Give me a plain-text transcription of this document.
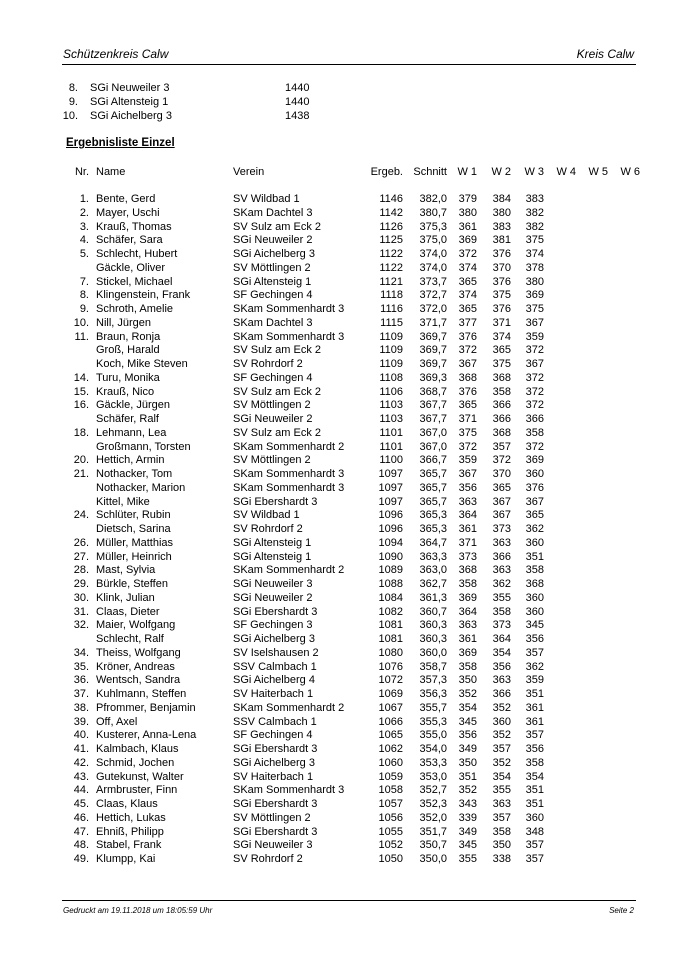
Schützenkreis Calw	Kreis Calw
8. SGi Neuweiler 3	1440
9. SGi Altensteig 1	1440
10. SGi Aichelberg 3	1438
Ergebnisliste Einzel
Nr. Name	Verein	Ergeb. Schnitt W 1 W 2 W 3 W 4 W 5 W 6
1. Bente, Gerd	SV Wildbad 1	1146 382,0 379 384 383
2. Mayer, Uschi	SKam Dachtel 3	1142 380,7 380 380 382
3. Krauß, Thomas	SV Sulz am Eck 2	1126 375,3 361 383 382
4. Schäfer, Sara	SGi Neuweiler 2	1125 375,0 369 381 375
5. Schlecht, Hubert	SGi Aichelberg 3	1122 374,0 372 376 374
Gäckle, Oliver	SV Möttlingen 2	1122 374,0 374 370 378
7. Stickel, Michael	SGi Altensteig 1	1121 373,7 365 376 380
8. Klingenstein, Frank	SF Gechingen 4	1118 372,7 374 375 369
9. Schroth, Amelie	SKam Sommenhardt 3	1116 372,0 365 376 375
10. Nill, Jürgen	SKam Dachtel 3	1115 371,7 377 371 367
11. Braun, Ronja	SKam Sommenhardt 3	1109 369,7 376 374 359
Groß, Harald	SV Sulz am Eck 2	1109 369,7 372 365 372
Koch, Mike Steven	SV Rohrdorf 2	1109 369,7 367 375 367
14. Turu, Monika	SF Gechingen 4	1108 369,3 368 368 372
15. Krauß, Nico	SV Sulz am Eck 2	1106 368,7 376 358 372
16. Gäckle, Jürgen	SV Möttlingen 2	1103 367,7 365 366 372
Schäfer, Ralf	SGi Neuweiler 2	1103 367,7 371 366 366
18. Lehmann, Lea	SV Sulz am Eck 2	1101 367,0 375 368 358
Großmann, Torsten	SKam Sommenhardt 2	1101 367,0 372 357 372
20. Hettich, Armin	SV Möttlingen 2	1100 366,7 359 372 369
21. Nothacker, Tom	SKam Sommenhardt 3	1097 365,7 367 370 360
Nothacker, Marion	SKam Sommenhardt 3	1097 365,7 356 365 376
Kittel, Mike	SGi Ebershardt 3	1097 365,7 363 367 367
24. Schlüter, Rubin	SV Wildbad 1	1096 365,3 364 367 365
Dietsch, Sarina	SV Rohrdorf 2	1096 365,3 361 373 362
26. Müller, Matthias	SGi Altensteig 1	1094 364,7 371 363 360
27. Müller, Heinrich	SGi Altensteig 1	1090 363,3 373 366 351
28. Mast, Sylvia	SKam Sommenhardt 2	1089 363,0 368 363 358
29. Bürkle, Steffen	SGi Neuweiler 3	1088 362,7 358 362 368
30. Klink, Julian	SGi Neuweiler 2	1084 361,3 369 355 360
31. Claas, Dieter	SGi Ebershardt 3	1082 360,7 364 358 360
32. Maier, Wolfgang	SF Gechingen 3	1081 360,3 363 373 345
Schlecht, Ralf	SGi Aichelberg 3	1081 360,3 361 364 356
34. Theiss, Wolfgang	SV Iselshausen 2	1080 360,0 369 354 357
35. Kröner, Andreas	SSV Calmbach 1	1076 358,7 358 356 362
36. Wentsch, Sandra	SGi Aichelberg 4	1072 357,3 350 363 359
37. Kuhlmann, Steffen	SV Haiterbach 1	1069 356,3 352 366 351
38. Pfrommer, Benjamin	SKam Sommenhardt 2	1067 355,7 354 352 361
39. Off, Axel	SSV Calmbach 1	1066 355,3 345 360 361
40. Kusterer, Anna-Lena	SF Gechingen 4	1065 355,0 356 352 357
41. Kalmbach, Klaus	SGi Ebershardt 3	1062 354,0 349 357 356
42. Schmid, Jochen	SGi Aichelberg 3	1060 353,3 350 352 358
43. Gutekunst, Walter	SV Haiterbach 1	1059 353,0 351 354 354
44. Armbruster, Finn	SKam Sommenhardt 3	1058 352,7 352 355 351
45. Claas, Klaus	SGi Ebershardt 3	1057 352,3 343 363 351
46. Hettich, Lukas	SV Möttlingen 2	1056 352,0 339 357 360
47. Ehniß, Philipp	SGi Ebershardt 3	1055 351,7 349 358 348
48. Stabel, Frank	SGi Neuweiler 3	1052 350,7 345 350 357
49. Klumpp, Kai	SV Rohrdorf 2	1050 350,0 355 338 357
Gedruckt am 19.11.2018 um 18:05:59 Uhr	Seite 2
